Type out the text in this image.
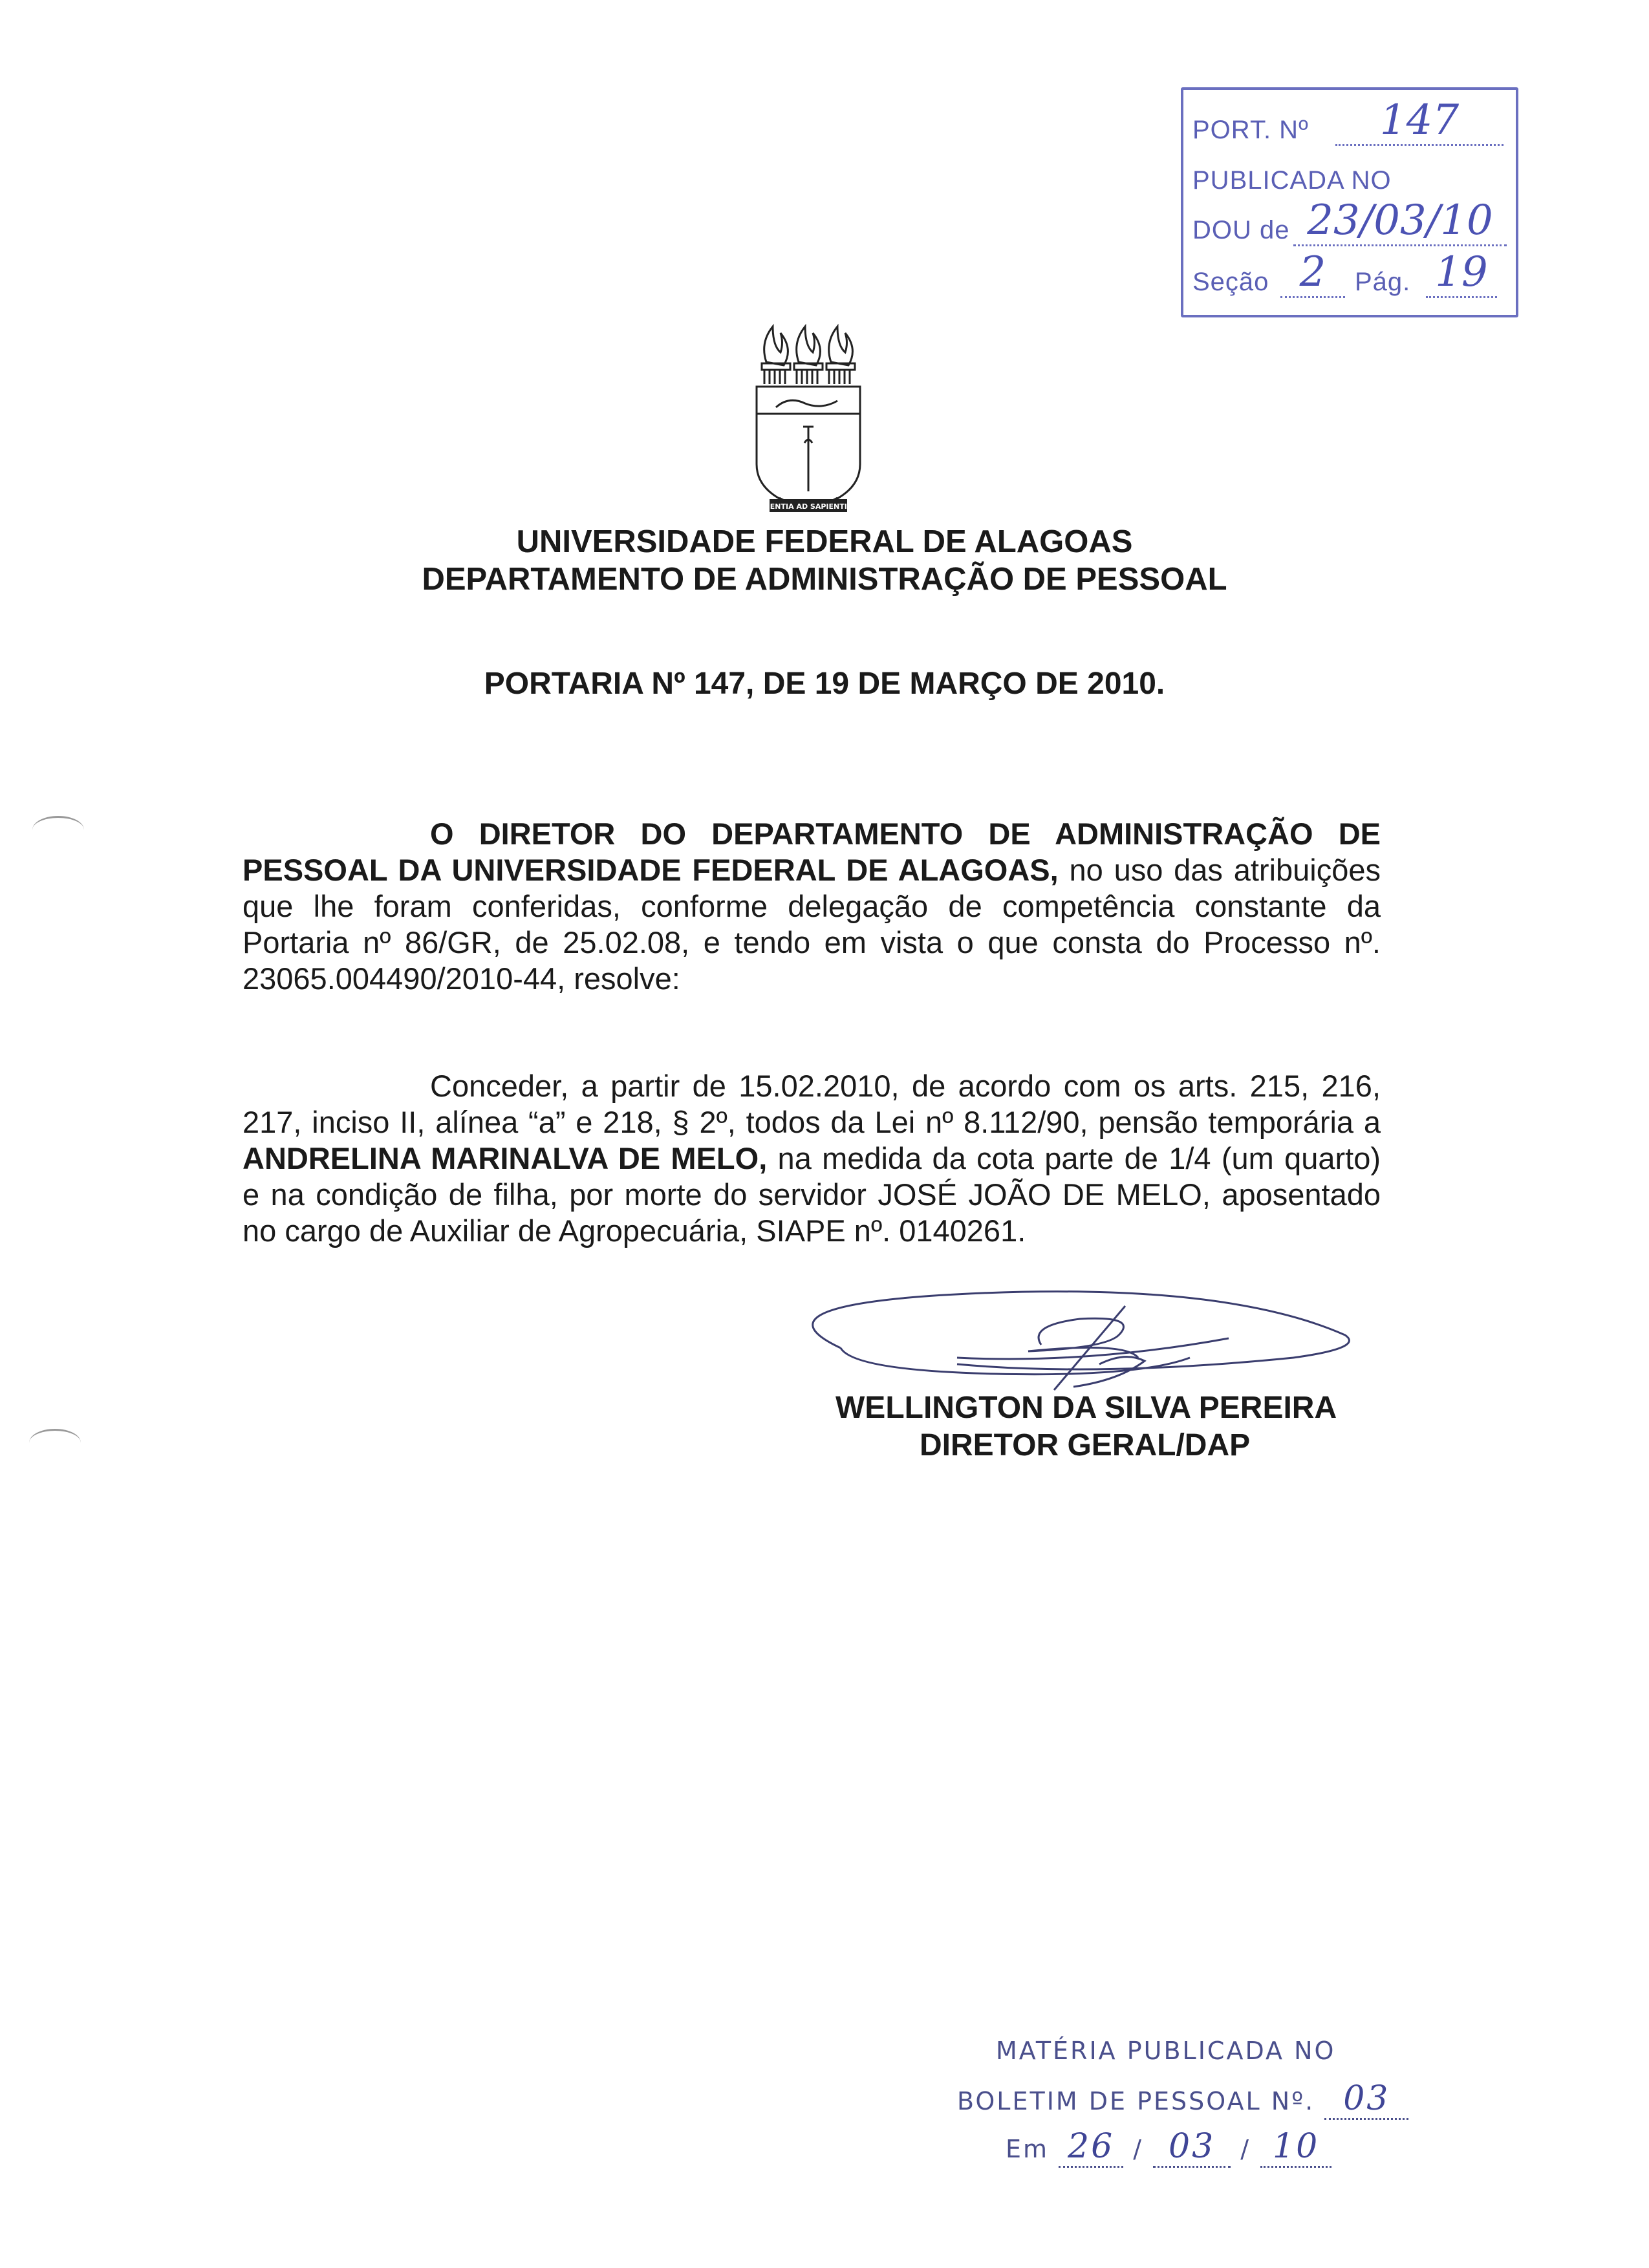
PORT. Nº	147
PUBLICADA NO
DOU de 23/03/10
Seção 2	Pág. 19
SCIENTIA AD SAPIENTIAM
UNIVERSIDADE FEDERAL DE ALAGOAS
DEPARTAMENTO DE ADMINISTRAÇÃO DE PESSOAL
PORTARIA Nº 147, DE 19 DE MARÇO DE 2010.
O DIRETOR DO DEPARTAMENTO DE ADMINISTRAÇÃO DE PESSOAL DA UNIVERSIDADE FEDERAL DE ALAGOAS, no uso das atribuições que lhe foram conferidas, conforme delegação de competência constante da Portaria nº 86/GR, de 25.02.08, e tendo em vista o que consta do Processo nº. 23065.004490/2010-44, resolve:
Conceder, a partir de 15.02.2010, de acordo com os arts. 215, 216, 217, inciso II, alínea “a” e 218, § 2º, todos da Lei nº 8.112/90, pensão temporária a ANDRELINA MARINALVA DE MELO, na medida da cota parte de 1/4 (um quarto) e na condição de filha, por morte do servidor JOSÉ JOÃO DE MELO, aposentado no cargo de Auxiliar de Agropecuária, SIAPE nº. 0140261.
WELLINGTON DA SILVA PEREIRA
DIRETOR GERAL/DAP
MATÉRIA PUBLICADA NO
BOLETIM DE PESSOAL Nº. 03
Em 26 / 03 / 10
